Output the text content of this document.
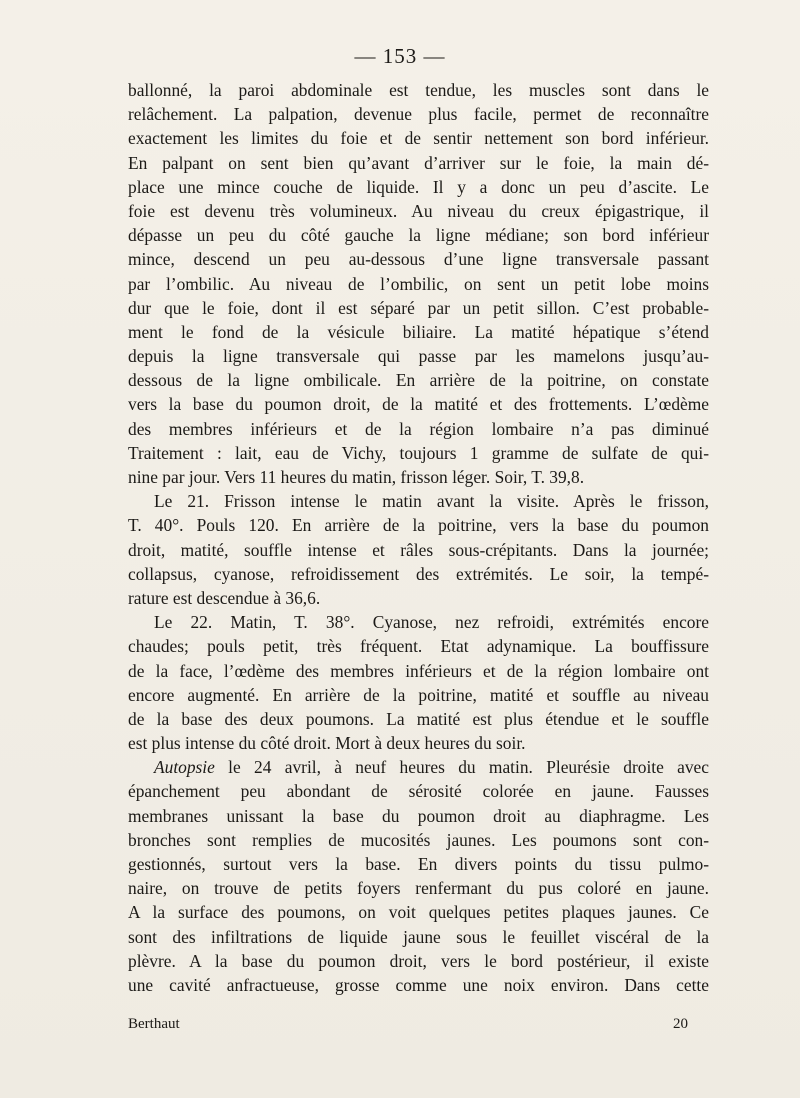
— 153 —
ballonné, la paroi abdominale est tendue, les muscles sont dans le
relâchement. La palpation, devenue plus facile, permet de reconnaître
exactement les limites du foie et de sentir nettement son bord inférieur.
En palpant on sent bien qu’avant d’arriver sur le foie, la main dé-
place une mince couche de liquide. Il y a donc un peu d’ascite. Le
foie est devenu très volumineux. Au niveau du creux épigastrique, il
dépasse un peu du côté gauche la ligne médiane; son bord inférieur
mince, descend un peu au-dessous d’une ligne transversale passant
par l’ombilic. Au niveau de l’ombilic, on sent un petit lobe moins
dur que le foie, dont il est séparé par un petit sillon. C’est probable-
ment le fond de la vésicule biliaire. La matité hépatique s’étend
depuis la ligne transversale qui passe par les mamelons jusqu’au-
dessous de la ligne ombilicale. En arrière de la poitrine, on constate
vers la base du poumon droit, de la matité et des frottements. L’œdème
des membres inférieurs et de la région lombaire n’a pas diminué
Traitement : lait, eau de Vichy, toujours 1 gramme de sulfate de qui-
nine par jour. Vers 11 heures du matin, frisson léger. Soir, T. 39,8.
Le 21. Frisson intense le matin avant la visite. Après le frisson,
T. 40°. Pouls 120. En arrière de la poitrine, vers la base du poumon
droit, matité, souffle intense et râles sous-crépitants. Dans la journée;
collapsus, cyanose, refroidissement des extrémités. Le soir, la tempé-
rature est descendue à 36,6.
Le 22. Matin, T. 38°. Cyanose, nez refroidi, extrémités encore
chaudes; pouls petit, très fréquent. Etat adynamique. La bouffissure
de la face, l’œdème des membres inférieurs et de la région lombaire ont
encore augmenté. En arrière de la poitrine, matité et souffle au niveau
de la base des deux poumons. La matité est plus étendue et le souffle
est plus intense du côté droit. Mort à deux heures du soir.
Autopsie le 24 avril, à neuf heures du matin. Pleurésie droite avec
épanchement peu abondant de sérosité colorée en jaune. Fausses
membranes unissant la base du poumon droit au diaphragme. Les
bronches sont remplies de mucosités jaunes. Les poumons sont con-
gestionnés, surtout vers la base. En divers points du tissu pulmo-
naire, on trouve de petits foyers renfermant du pus coloré en jaune.
A la surface des poumons, on voit quelques petites plaques jaunes. Ce
sont des infiltrations de liquide jaune sous le feuillet viscéral de la
plèvre. A la base du poumon droit, vers le bord postérieur, il existe
une cavité anfractueuse, grosse comme une noix environ. Dans cette
Berthaut	20
